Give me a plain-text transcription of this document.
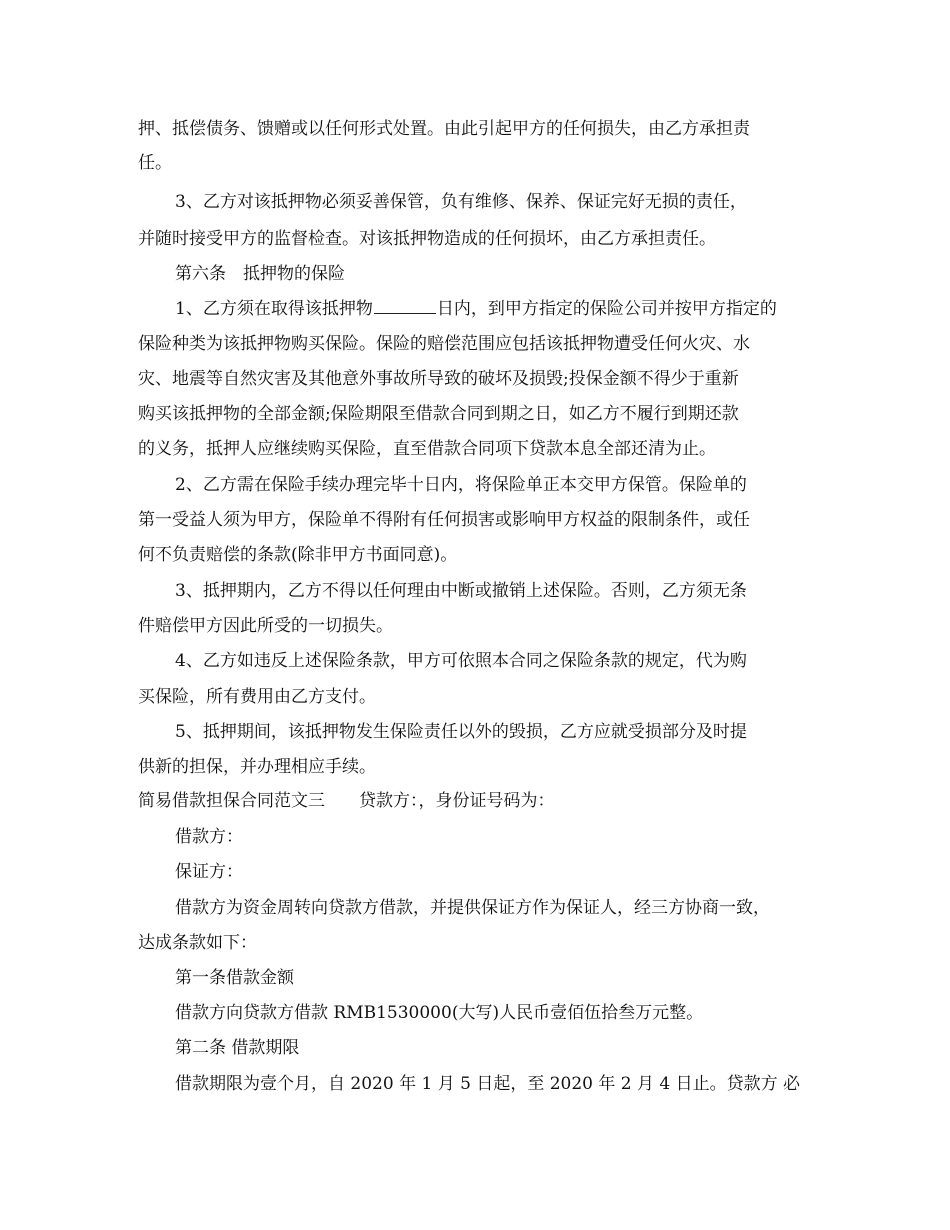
押、抵偿债务、馈赠或以任何形式处置。由此引起甲方的任何损失，由乙方承担责
任。
3、乙方对该抵押物必须妥善保管，负有维修、保养、保证完好无损的责任，
并随时接受甲方的监督检查。对该抵押物造成的任何损坏，由乙方承担责任。
第六条　抵押物的保险
1、乙方须在取得该抵押物	日内，到甲方指定的保险公司并按甲方指定的
保险种类为该抵押物购买保险。保险的赔偿范围应包括该抵押物遭受任何火灾、水
灾、地震等自然灾害及其他意外事故所导致的破坏及损毁;投保金额不得少于重新
购买该抵押物的全部金额;保险期限至借款合同到期之日，如乙方不履行到期还款
的义务，抵押人应继续购买保险，直至借款合同项下贷款本息全部还清为止。
2、乙方需在保险手续办理完毕十日内，将保险单正本交甲方保管。保险单的
第一受益人须为甲方，保险单不得附有任何损害或影响甲方权益的限制条件，或任
何不负责赔偿的条款(除非甲方书面同意)。
3、抵押期内，乙方不得以任何理由中断或撤销上述保险。否则，乙方须无条
件赔偿甲方因此所受的一切损失。
4、乙方如违反上述保险条款，甲方可依照本合同之保险条款的规定，代为购
买保险，所有费用由乙方支付。
5、抵押期间，该抵押物发生保险责任以外的毁损，乙方应就受损部分及时提
供新的担保，并办理相应手续。
简易借款担保合同范文三　　贷款方：，身份证号码为：
借款方：
保证方：
借款方为资金周转向贷款方借款，并提供保证方作为保证人，经三方协商一致，
达成条款如下：
第一条借款金额
借款方向贷款方借款 RMB1530000(大写)人民币壹佰伍拾叁万元整。
第二条 借款期限
借款期限为壹个月，自 2020 年 1 月 5 日起，至 2020 年 2 月 4 日止。贷款方 必
